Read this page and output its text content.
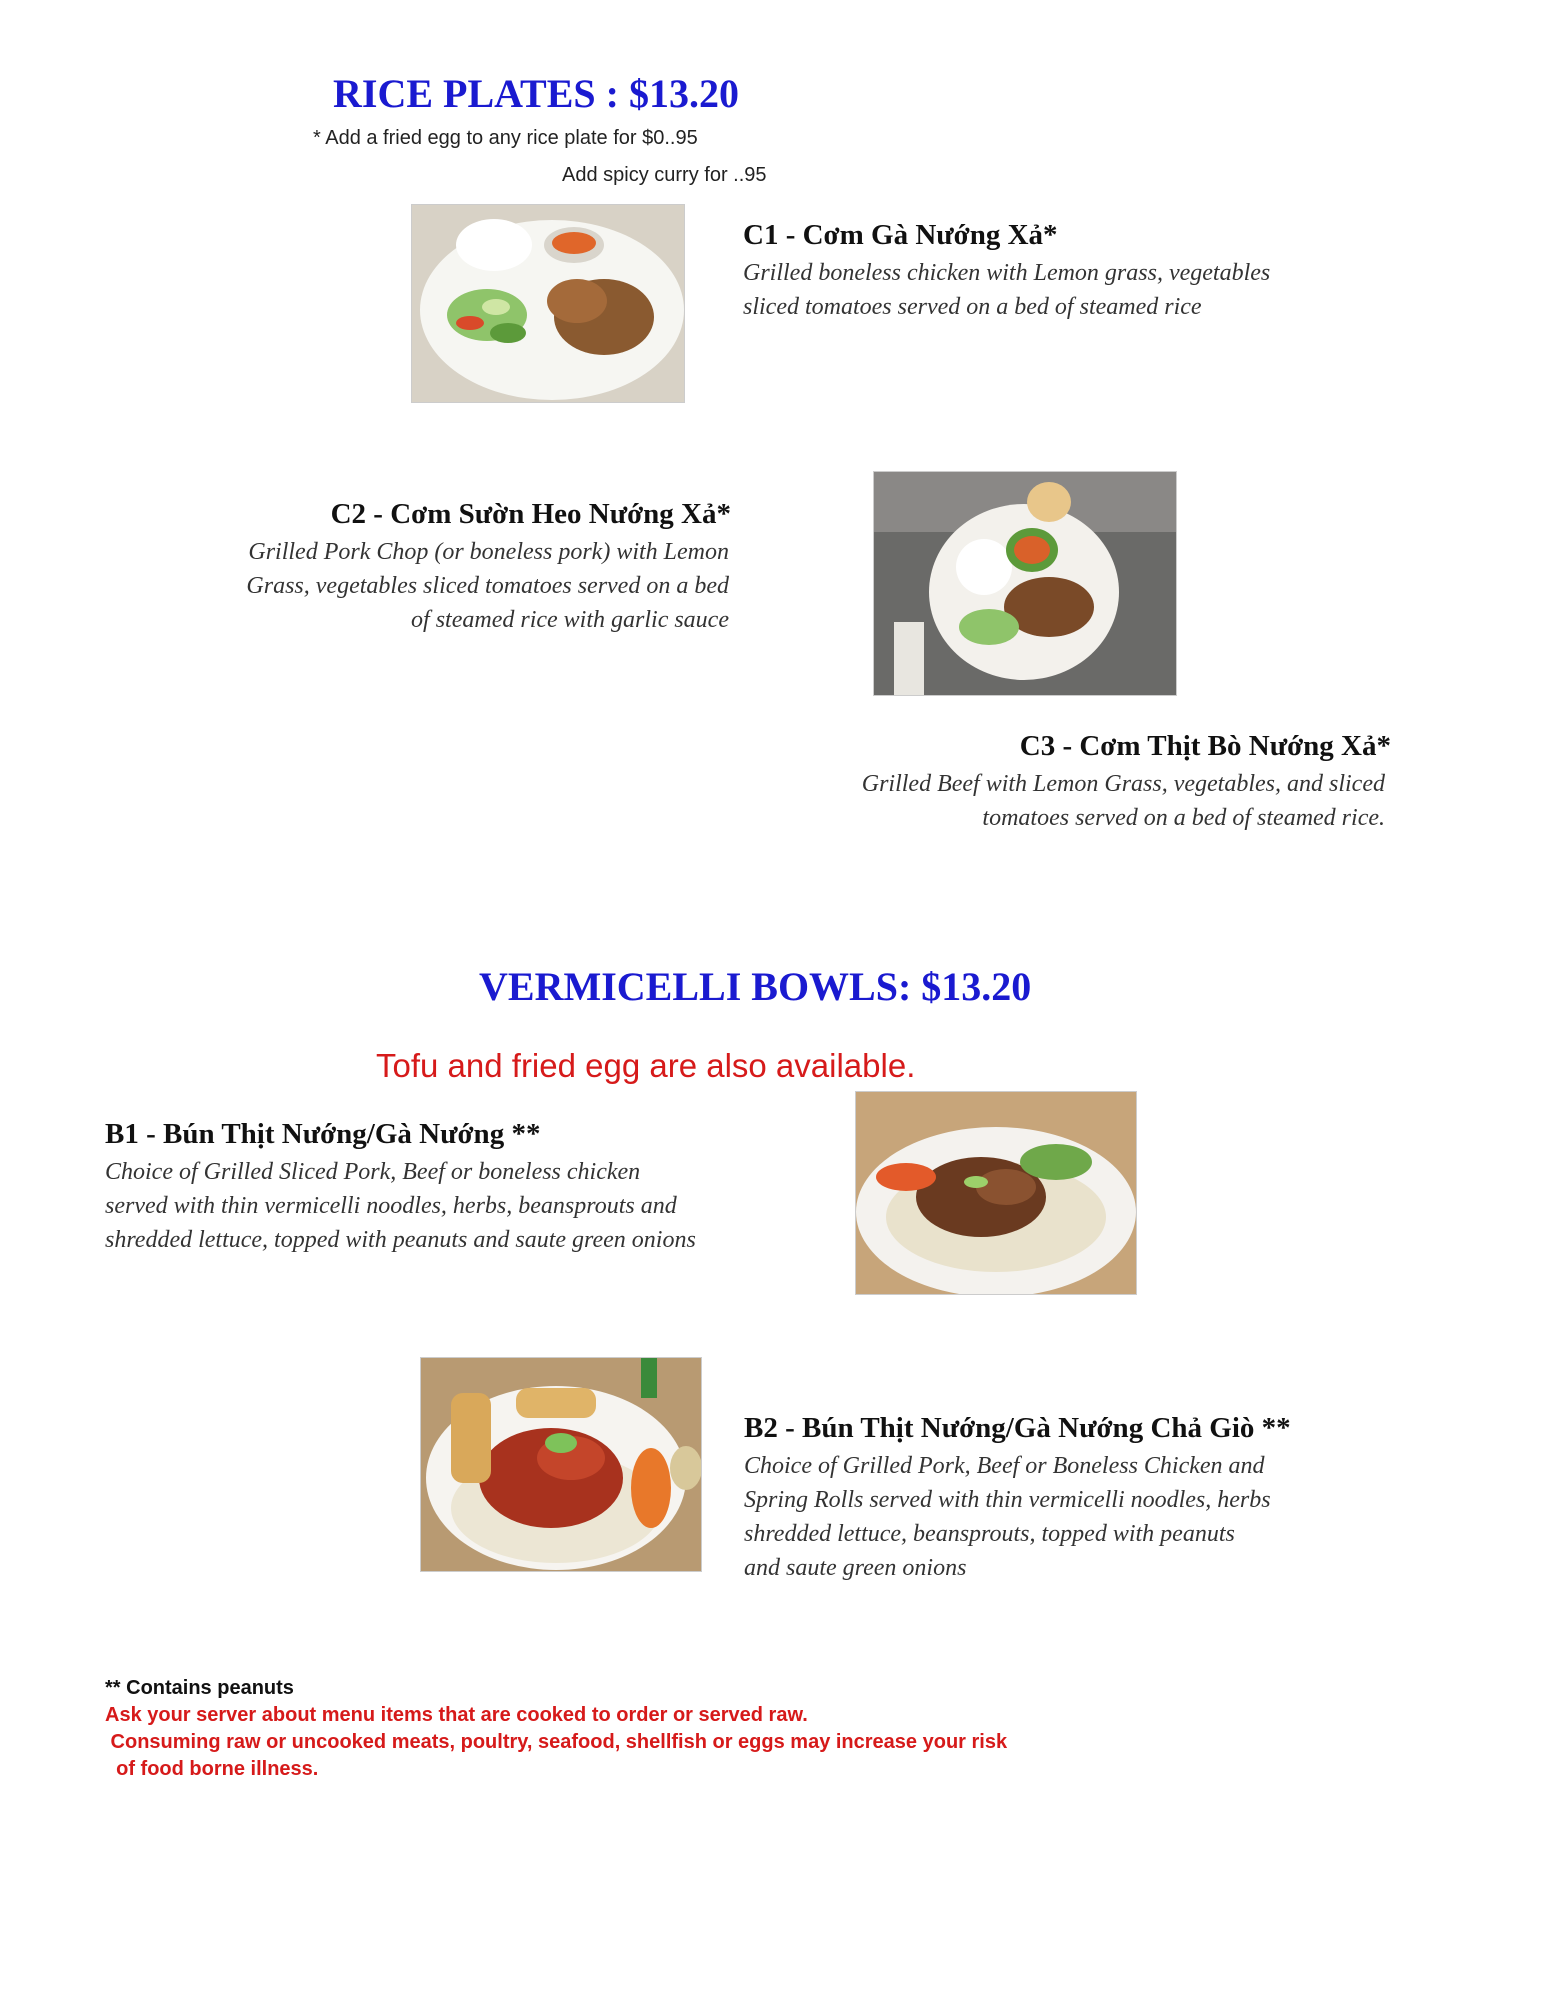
RICE PLATES : $13.20
* Add a fried egg to any rice plate for $0..95
Add spicy curry for ..95
C1 - Cơm Gà Nướng Xả*
Grilled boneless chicken with Lemon grass, vegetables
sliced tomatoes served on a bed of steamed rice
C2 - Cơm Sườn Heo Nướng Xả*
Grilled Pork Chop (or boneless pork) with Lemon
Grass, vegetables sliced tomatoes served on a bed
of steamed rice with garlic sauce
C3 - Cơm Thịt Bò Nướng Xả*
Grilled Beef with Lemon Grass, vegetables, and sliced
tomatoes served on a bed of steamed rice.
VERMICELLI BOWLS: $13.20
Tofu and fried egg are also available.
B1 - Bún Thịt Nướng/Gà Nướng **
Choice of Grilled Sliced Pork, Beef or boneless chicken
served with thin vermicelli noodles, herbs, beansprouts and
shredded lettuce, topped with peanuts and saute green onions
B2 - Bún Thịt Nướng/Gà Nướng Chả Giò **
Choice of Grilled Pork, Beef or Boneless Chicken and
Spring Rolls served with thin vermicelli noodles, herbs
shredded lettuce, beansprouts, topped with peanuts
and saute green onions
** Contains peanuts
Ask your server about menu items that are cooked to order or served raw.
Consuming raw or uncooked meats, poultry, seafood, shellfish or eggs may increase your risk
of food borne illness.
